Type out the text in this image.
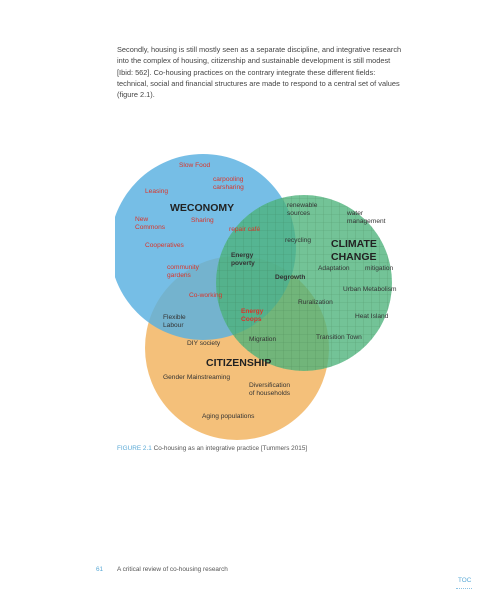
Secondly, housing is still mostly seen as a separate discipline, and integrative research
into the complex of housing, citizenship and sustainable development is still modest
[Ibid: 562]. Co-housing practices on the contrary integrate these different fields:
technical, social and financial structures are made to respond to a central set of values
(figure 2.1).
Slow Food
carpooling
carsharing
Leasing
WECONOMY
New
Commons
Sharing
repair café
Cooperatives
community
gardens
Co-working
Energy
poverty
renewable
sources	water
management
recycling CLIMATE
CHANGE
Adaptation mitigation
Degrowth
Urban Metabolism
Ruralization
Heat Island
Energy
Coops
Flexible
Labour
Migration	Transition Town
DIY society
CITIZENSHIP
Gender Mainstreaming
Diversification
of households
Aging populations
FIGURE 2.1 Co-housing as an integrative practice [Tummers 2015]
61 A critical review of co-housing research
TOC
